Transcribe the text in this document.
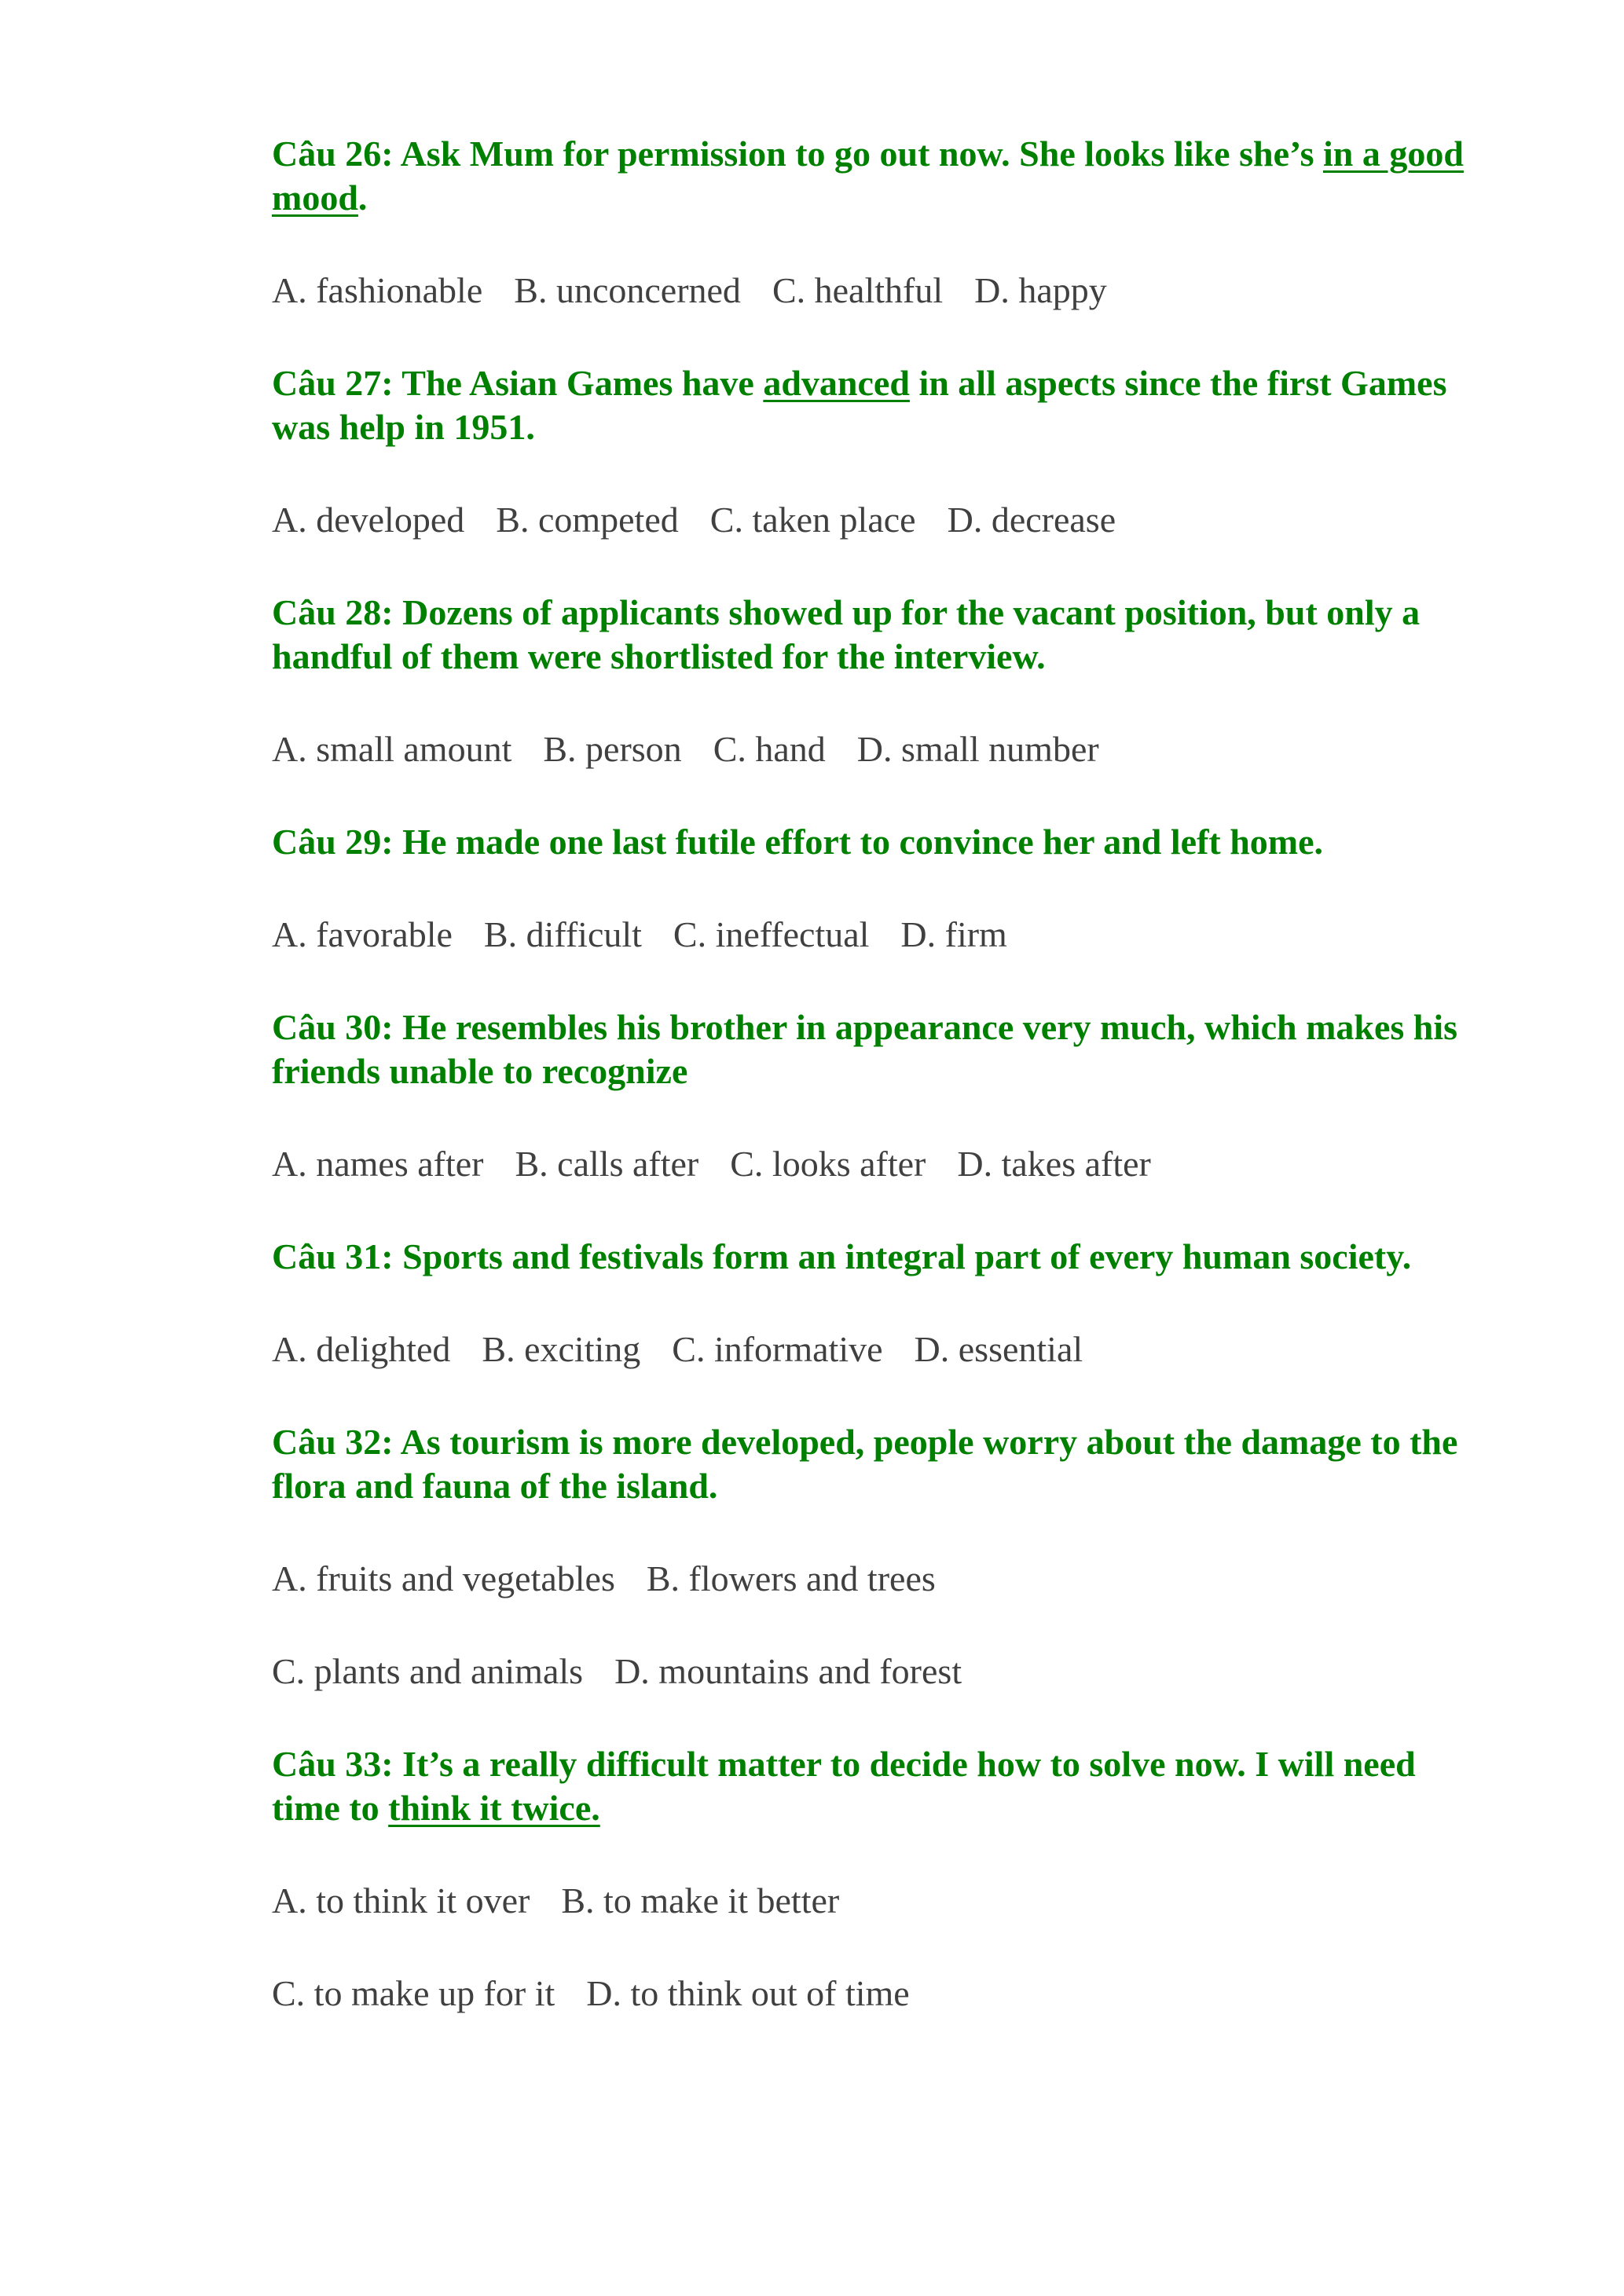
Câu 26: Ask Mum for permission to go out now. She looks like she’s in a good mood.

A. fashionable B. unconcerned C. healthful D. happy

Câu 27: The Asian Games have advanced in all aspects since the first Games was help in 1951.

A. developed B. competed C. taken place D. decrease

Câu 28: Dozens of applicants showed up for the vacant position, but only a handful of them were shortlisted for the interview.

A. small amount B. person C. hand D. small number

Câu 29: He made one last futile effort to convince her and left home.

A. favorable B. difficult C. ineffectual D. firm

Câu 30: He resembles his brother in appearance very much, which makes his friends unable to recognize

A. names after B. calls after C. looks after D. takes after

Câu 31: Sports and festivals form an integral part of every human society.

A. delighted B. exciting C. informative D. essential

Câu 32: As tourism is more developed, people worry about the damage to the flora and fauna of the island.

A. fruits and vegetables B. flowers and trees

C. plants and animals D. mountains and forest

Câu 33: It’s a really difficult matter to decide how to solve now. I will need time to think it twice.

A. to think it over B. to make it better

C. to make up for it D. to think out of time
